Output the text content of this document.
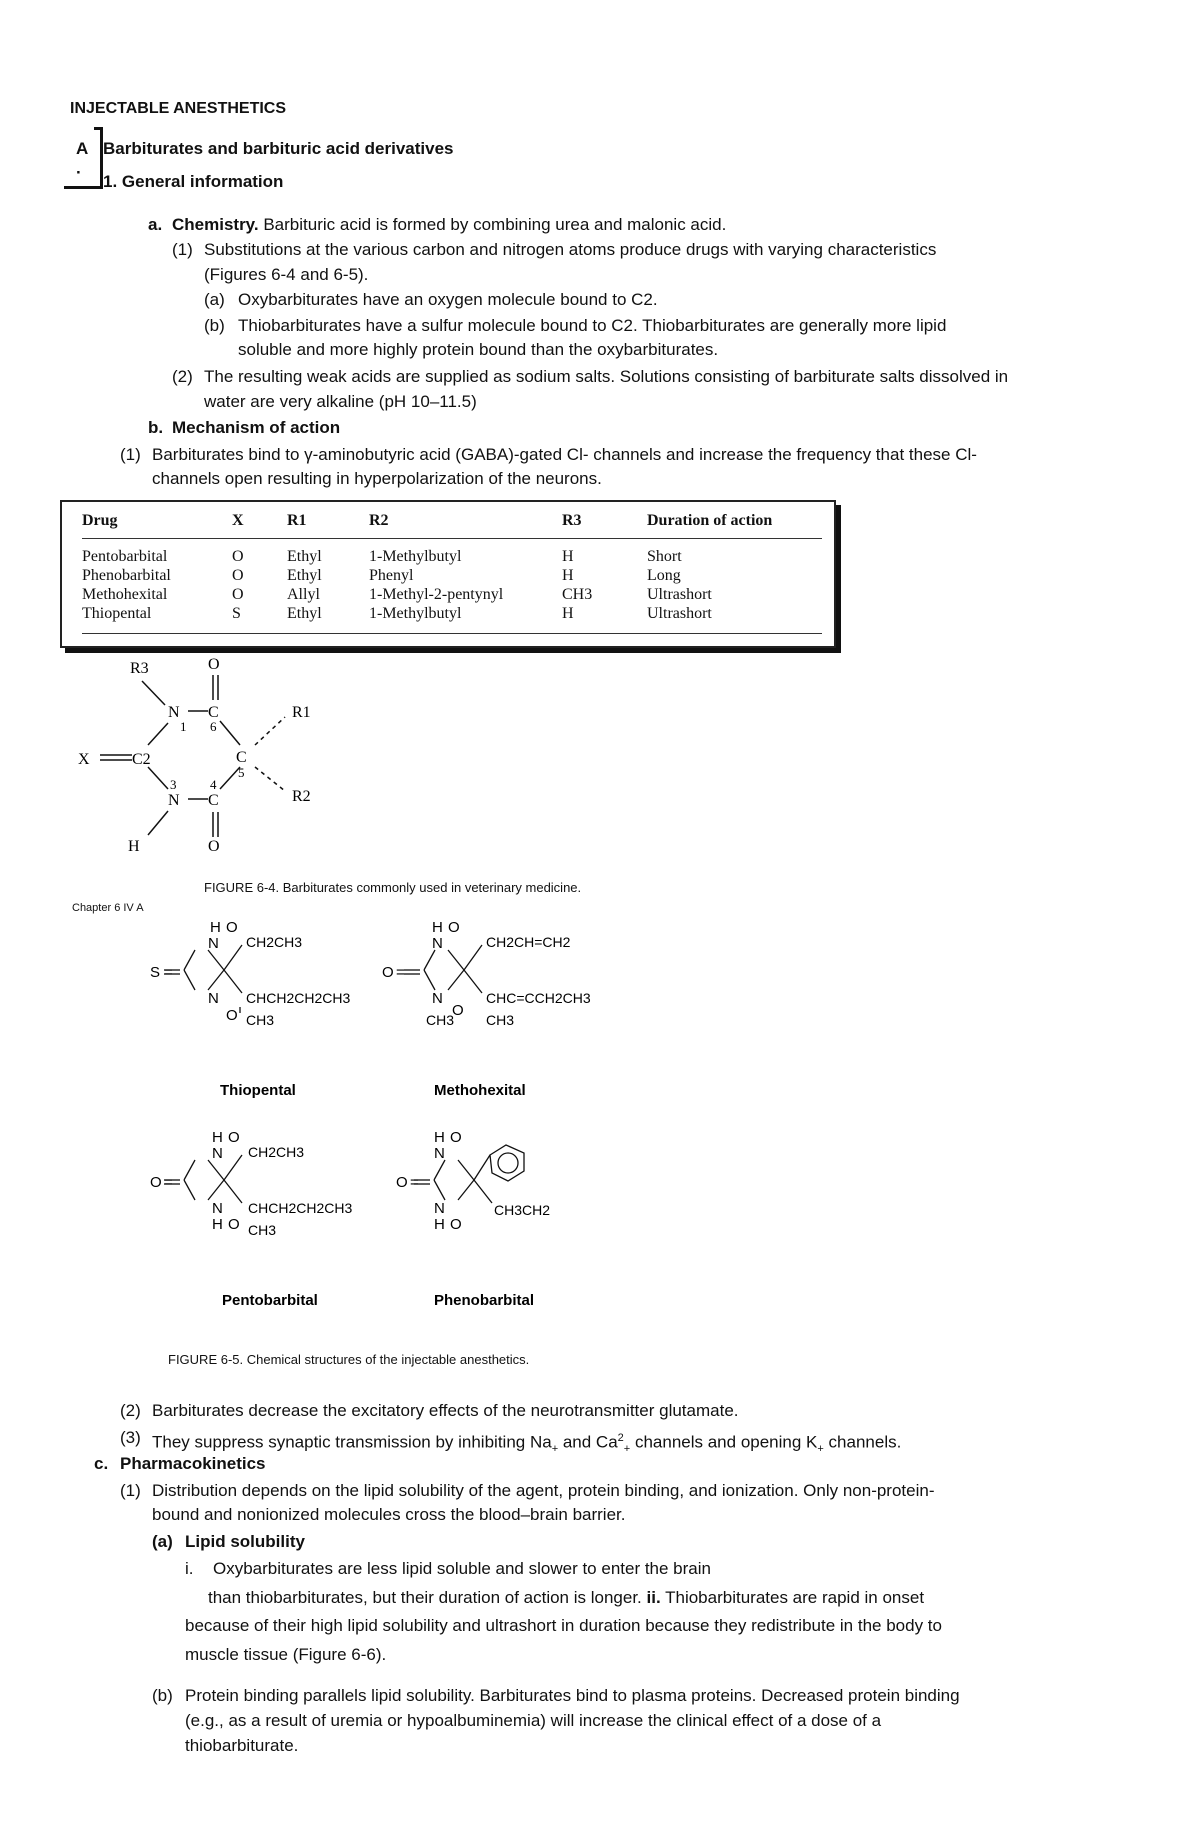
INJECTABLE ANESTHETICS
A
·
Barbiturates and barbituric acid derivatives
1. General information
a. Chemistry. Barbituric acid is formed by combining urea and malonic acid.
(1) Substitutions at the various carbon and nitrogen atoms produce drugs with varying characteristics
(Figures 6-4 and 6-5).
(a) Oxybarbiturates have an oxygen molecule bound to C2.
(b) Thiobarbiturates have a sulfur molecule bound to C2. Thiobarbiturates are generally more lipid
soluble and more highly protein bound than the oxybarbiturates.
(2) The resulting weak acids are supplied as sodium salts. Solutions consisting of barbiturate salts dissolved in
water are very alkaline (pH 10–11.5)
b. Mechanism of action
(1) Barbiturates bind to γ-aminobutyric acid (GABA)-gated Cl- channels and increase the frequency that these Cl-
channels open resulting in hyperpolarization of the neurons.
Drug	X	R1	R2	R3	Duration of action
Pentobarbital	O	Ethyl	1-Methylbutyl	H	Short
Phenobarbital	O	Ethyl	Phenyl	H	Long
Methohexital	O	Allyl	1-Methyl-2-pentynyl	CH3	Ultrashort
Thiopental	S	Ethyl	1-Methylbutyl	H	Ultrashort
R3	O
N C
1 6
R1
X	C2	C
5
3	4
N C	R2
H	O
FIGURE 6-4. Barbiturates commonly used in veterinary medicine.
Chapter 6 IV A
H O
N
S =
N
O
CH2CH3
CHCH2CH2CH3
CH3
Thiopental
H O
N
O =
N
O
CH3
CH2CH=CH2
CHC=CCH2CH3
CH3
Methohexital
H O
N
O =
N
H O
CH2CH3
CHCH2CH2CH3
CH3
Pentobarbital
H O
N
O =
N
H O
CH3CH2
Phenobarbital
FIGURE 6-5. Chemical structures of the injectable anesthetics.
(2) Barbiturates decrease the excitatory effects of the neurotransmitter glutamate.
(3) They suppress synaptic transmission by inhibiting $Na_+$ and $Ca^2_+$ channels and opening $K_+$ channels.
c. Pharmacokinetics
(1) Distribution depends on the lipid solubility of the agent, protein binding, and ionization. Only non-protein-
bound and nonionized molecules cross the blood–brain barrier.
(a) Lipid solubility
i. Oxybarbiturates are less lipid soluble and slower to enter the brain
than thiobarbiturates, but their duration of action is longer. ii. Thiobarbiturates are rapid in onset
because of their high lipid solubility and ultrashort in duration because they redistribute in the body to
muscle tissue (Figure 6-6).
(b) Protein binding parallels lipid solubility. Barbiturates bind to plasma proteins. Decreased protein binding
(e.g., as a result of uremia or hypoalbuminemia) will increase the clinical effect of a dose of a
thiobarbiturate.
